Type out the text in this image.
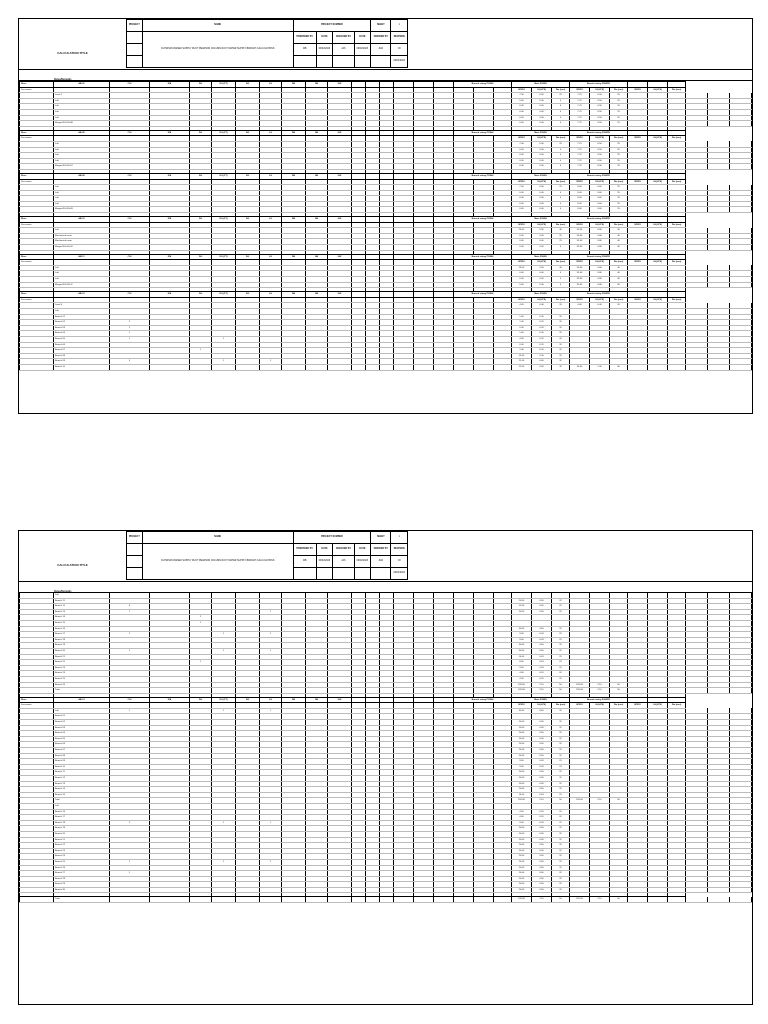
CALCULATION TITLE
PROJECT	NAME	PROJECT NUMBER				SHEET	1
	OLYMPIAN RAISED SUPPLY DUCT PEARSON COLUMN DUCT WATER SUPPLY BRANCH CALCULATIONS	PREPARED BY	DATE	CHECKED BY	DATE	VERIFIED BY	REVISION
		MB	09/02/2023	JAS	09/02/2023	JMA	03
							09/02/2023
Notes/Remarks
Riser	AB-01	CSI	IPA	DG	DG (FT)	DG	LS	DB	GB	GW							Branch sizing PGWH			Main PGWH			Branch sizing PGWFD								
Descuenta																				WSFU	GL(LPS)	Dia (mm)	WSFU	GL(LPS)	Dia (mm)	WSFU	GL(LPS)	Dia (mm)			
	Level 1																			7.00	0.56	25	7.70	0.56	25						
	Loft																			0.00	0.00	0	7.70	0.56	25						
	Loft																			0.00	0.00	0	7.70	0.56	25						
	Loft																			0.00	0.00	0	7.70	0.56	25						
	Loft																			0.00	0.00	0	7.70	0.56	25						
	Merged 3G-3G-08																			0.00	0.00	0	7.70	0.56	25						

Riser	AB-05	CSI	IPA	DG	DG (FT)	DG	LS	DB	GB	GW							Branch sizing PGWH			Main PGWH			Branch sizing PGWFD								
Descuenta																				WSFU	GL(LPS)	Dia (mm)	WSFU	GL(LPS)	Dia (mm)	WSFU	GL(LPS)	Dia (mm)			
	Loft																			7.00	0.56	25	7.70	0.56	25						
	Loft																			0.00	0.00	0	7.70	0.56	25						
	Loft																			0.00	0.00	0	7.70	0.56	25						
	Loft																			0.00	0.00	0	7.70	0.56	25						
	Merged 3G-3G-07																			0.00	0.00	0	7.70	0.56	25						

Riser	AB-09	CSI	IPA	DG	DG (FT)	DG	LS	DB	GB	GW							Branch sizing PGWH			Main PGWH			Branch sizing PGWFD								
Descuenta																				WSFU	GL(LPS)	Dia (mm)	WSFU	GL(LPS)	Dia (mm)	WSFU	GL(LPS)	Dia (mm)			
	Loft																			7.00	0.56	25	8.00	0.60	25						
	Loft																			0.00	0.00	0	8.00	0.60	25						
	Loft																			0.00	0.00	0	8.00	0.60	25						
	Loft																			0.00	0.00	0	8.00	0.60	25						
	Merged 3G-3G-09																			0.00	0.00	0	8.00	0.60	25						

Riser	AB-10	CSI	IPA	DG	DG (FT)	DG	LS	DB	GB	GW							Branch sizing PGWH			Main PGWH			Branch sizing PGWFD								
Descuenta																				WSFU	GL(LPS)	Dia (mm)	WSFU	GL(LPS)	Dia (mm)	WSFU	GL(LPS)	Dia (mm)			
	Loft																			29.00	0.56	40	53.00	0.86	40						
	Mechanical room																			0.00	0.00	25	53.00	0.86	40						
	Mechanical room																			0.00	0.00	25	53.00	0.86	40						
	Merged 3G-3G-10																			0.00	0.00	0	53.00	0.86	40						

Riser	AB-11	CSI	IPA	DG	DG (FT)	DG	LS	DB	GB	GW							Branch sizing PGWH			Main PGWH			Branch sizing PGWFD								
Descuenta																				WSFU	GL(LPS)	Dia (mm)	WSFU	GL(LPS)	Dia (mm)	WSFU	GL(LPS)	Dia (mm)			
	Loft																			29.00	0.56	40	53.00	0.86	40						
	Loft																			0.00	0.00	0	53.00	0.86	40						
	Loft																			0.00	0.00	0	53.00	0.86	40						
	Merged 3G-3G-11																			0.00	0.00	0	53.00	0.86	40						

Riser	AB-12	CSI	IPA	DG	DG (FT)	DG	LS	DB	GB	GW							Branch sizing PGWH			Main PGWH			Branch sizing PGWFD								
Descuenta																				WSFU	GL(LPS)	Dia (mm)	WSFU	GL(LPS)	Dia (mm)	WSFU	GL(LPS)	Dia (mm)			
	Level 4																			4.00	0.40	20	4.00	0.40	20						
	Loft																														
	Branch 01																			1.00	0.20	20									
	Branch 02	1																		1.00	0.20	20									
	Branch 03	2																		0.40	0.20	20									
	Branch 04	1																		1.00	0.20	20									
	Branch 05	1			1															4.00	0.20	20									
	Branch 06																			0.00	0.20	20									
	Branch 07			1																1.00	0.20	20									
	Branch 08																			12.00	0.30	25									
	Branch 09	5			1		1													21.00	0.60	32									
	Branch 10																			22.00	0.60	32	26.00	1.00	40						
CALCULATION TITLE
PROJECT	NAME	PROJECT NUMBER				SHEET	1
	OLYMPIAN RAISED SUPPLY DUCT PEARSON COLUMN DUCT WATER SUPPLY BRANCH CALCULATIONS	PREPARED BY	DATE	CHECKED BY	DATE	VERIFIED BY	REVISION
		MB	09/02/2023	JAS	09/02/2023	JMA	03
							09/02/2023
Notes/Remarks
	Loft																														
	Branch 11																			20.00	0.56	32									
	Branch 12	4																		12.00	0.40	25									
	Branch 13	1					1													20.00	0.56	32									
	Branch 14			2																											
	Branch 15			1																											
	Branch 16																			30.00	0.60	32									
	Branch 17	2			1		1													9.00	0.34	25									
	Branch 18																			9.00	0.34	25									
	Branch 19																			30.00	0.60	32									
	Branch 20	2			1		1													30.00	0.60	32									
	Branch 21																			14.00	0.43	25									
	Branch 22			1																8.00	0.34	25									
	Branch 23																			9.00	0.34	25									
	Branch 24																			4.00	0.20	20									
	Branch 25																			4.00	0.20	20									
	Branch 26																			182.00	2.10	50	182.00	2.10	50						
	Total																			182.00	2.10	50	182.00	2.10	50						

Riser	AB-13	CSI	IPA	DG	DG (FT)	DG	LS	DB	GB	GW							Branch sizing PGWH			Main PGWH			Branch sizing PGWFD								
Descuenta																				WSFU	GL(LPS)	Dia (mm)	WSFU	GL(LPS)	Dia (mm)	WSFU	GL(LPS)	Dia (mm)			
	Loft	1			1		1													30.00	0.60	32									
	Branch 01																														
	Branch 02																			20.00	0.56	32									
	Branch 03																			20.00	0.56	32									
	Branch 04																			20.00	0.56	32									
	Branch 05																			20.00	0.56	32									
	Branch 06																			20.00	0.56	32									
	Branch 07																			20.00	0.56	32									
	Branch 08																			20.00	0.56	32									
	Branch 09																			9.00	0.34	25									
	Branch 10																			9.00	0.34	25									
	Branch 11																			20.00	0.56	32									
	Branch 12																			20.00	0.56	32									
	Branch 13																			20.00	0.56	32									
	Branch 14																			20.00	0.56	32									
	Branch 15																			14.00	0.43	25									
	Total																			182.00	2.10	50	182.00	2.10	50						
	Loft																														
	Branch 16																			4.00	0.20	20									
	Branch 17																			4.00	0.20	20									
	Branch 18	2			1		1													9.00	0.34	25									
	Branch 19																			20.00	0.56	32									
	Branch 20																			20.00	0.56	32									
	Branch 21																			20.00	0.56	32									
	Branch 22																			20.00	0.56	32									
	Branch 23																			20.00	0.56	32									
	Branch 24																			20.00	0.56	32									
	Branch 25	2			1		1													20.00	0.56	32									
	Branch 26																			20.00	0.56	32									
	Branch 27	1																		20.00	0.56	32									
	Branch 28																			20.00	0.56	32									
	Branch 29																			20.00	0.56	32									
	Branch 30																			20.00	0.56	32									

	Total																			182.00	2.10	50	182.00	2.10	50						
